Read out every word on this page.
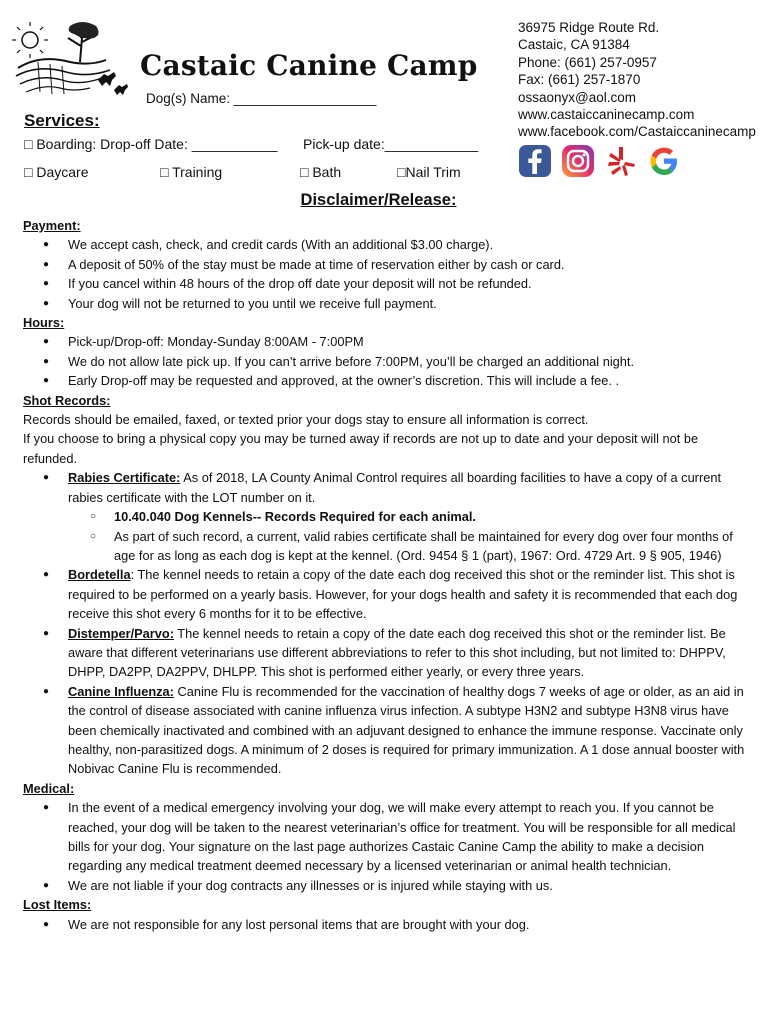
Castaic Canine Camp
Dog(s) Name: ___________________
36975 Ridge Route Rd.
Castaic, CA 91384
Phone: (661) 257-0957
Fax: (661) 257-1870
ossaonyx@aol.com
www.castaiccaninecamp.com
www.facebook.com/Castaiccaninecamp
Services:
□ Boarding: Drop-off Date: ___________ Pick-up date:____________
□ Daycare	□ Training	□ Bath	□Nail Trim
Disclaimer/Release:
Payment:
● We accept cash, check, and credit cards (With an additional $3.00 charge).
● A deposit of 50% of the stay must be made at time of reservation either by cash or card.
● If you cancel within 48 hours of the drop off date your deposit will not be refunded.
● Your dog will not be returned to you until we receive full payment.
Hours:
● Pick-up/Drop-off: Monday-Sunday 8:00AM - 7:00PM
● We do not allow late pick up. If you can’t arrive before 7:00PM, you’ll be charged an additional night.
● Early Drop-off may be requested and approved, at the owner’s discretion. This will include a fee. .
Shot Records:

Records should be emailed, faxed, or texted prior your dogs stay to ensure all information is correct.

If you choose to bring a physical copy you may be turned away if records are not up to date and your deposit will not be refunded.

● Rabies Certificate: As of 2018, LA County Animal Control requires all boarding facilities to have a copy of a current rabies certificate with the LOT number on it.
○ 10.40.040 Dog Kennels-- Records Required for each animal.
○ As part of such record, a current, valid rabies certificate shall be maintained for every dog over four months of age for as long as each dog is kept at the kennel. (Ord. 9454 § 1 (part), 1967: Ord. 4729 Art. 9 § 905, 1946)
● Bordetella: The kennel needs to retain a copy of the date each dog received this shot or the reminder list. This shot is required to be performed on a yearly basis. However, for your dogs health and safety it is recommended that each dog receive this shot every 6 months for it to be effective.
● Distemper/Parvo: The kennel needs to retain a copy of the date each dog received this shot or the reminder list. Be aware that different veterinarians use different abbreviations to refer to this shot including, but not limited to: DHPPV, DHPP, DA2PP, DA2PPV, DHLPP. This shot is performed either yearly, or every three years.
● Canine Influenza: Canine Flu is recommended for the vaccination of healthy dogs 7 weeks of age or older, as an aid in the control of disease associated with canine influenza virus infection. A subtype H3N2 and subtype H3N8 virus have been chemically inactivated and combined with an adjuvant designed to enhance the immune response. Vaccinate only healthy, non-parasitized dogs. A minimum of 2 doses is required for primary immunization. A 1 dose annual booster with Nobivac Canine Flu is recommended.
Medical:
● In the event of a medical emergency involving your dog, we will make every attempt to reach you. If you cannot be reached, your dog will be taken to the nearest veterinarian’s office for treatment. You will be responsible for all medical bills for your dog. Your signature on the last page authorizes Castaic Canine Camp the ability to make a decision regarding any medical treatment deemed necessary by a licensed veterinarian or animal health technician.
● We are not liable if your dog contracts any illnesses or is injured while staying with us.
Lost Items:
● We are not responsible for any lost personal items that are brought with your dog.
